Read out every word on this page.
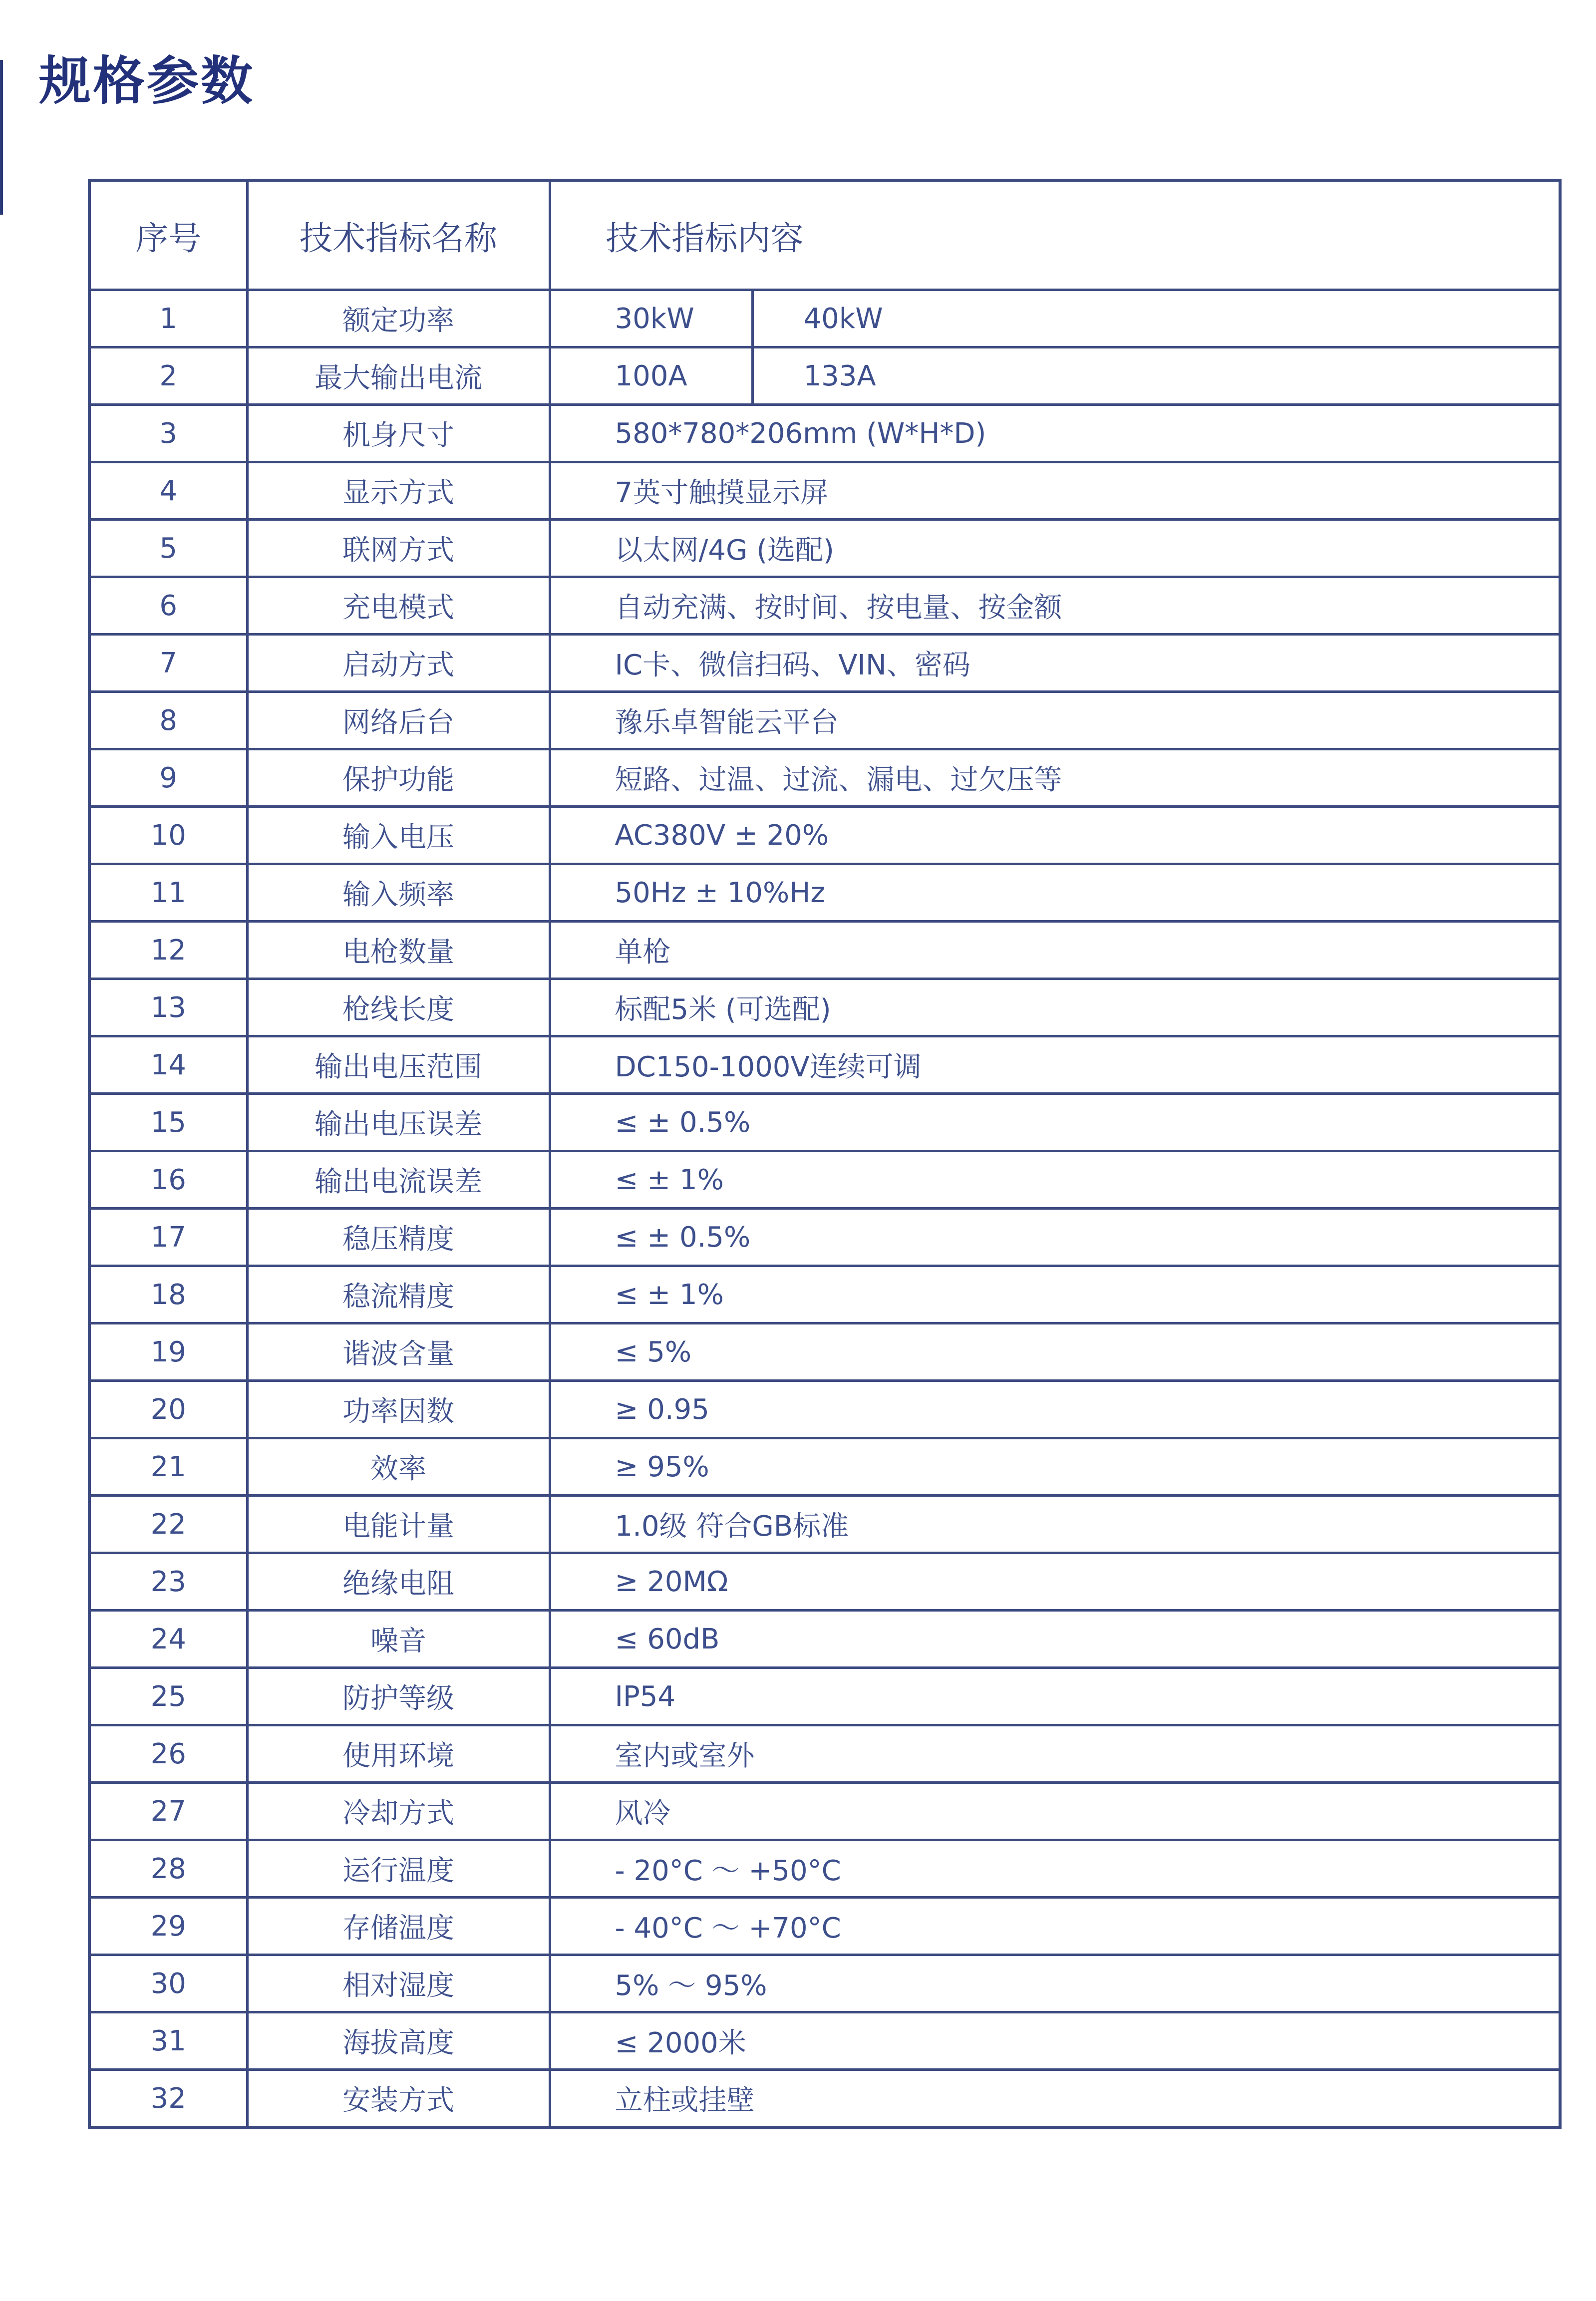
规格参数
序号	技术指标名称	技术指标内容	
1	额定功率	30kW	40kW
2	最大输出电流	100A	133A
3	机身尺寸	580*780*206mm (W*H*D)	
4	显示方式	7英寸触摸显示屏	
5	联网方式	以太网/4G (选配)	
6	充电模式	自动充满、按时间、按电量、按金额	
7	启动方式	IC卡、微信扫码、VIN、密码	
8	网络后台	豫乐卓智能云平台	
9	保护功能	短路、过温、过流、漏电、过欠压等	
10	输入电压	AC380V ± 20%	
11	输入频率	50Hz ± 10%Hz	
12	电枪数量	单枪	
13	枪线长度	标配5米 (可选配)	
14	输出电压范围	DC150-1000V连续可调	
15	输出电压误差	≤ ± 0.5%	
16	输出电流误差	≤ ± 1%	
17	稳压精度	≤ ± 0.5%	
18	稳流精度	≤ ± 1%	
19	谐波含量	≤ 5%	
20	功率因数	≥ 0.95	
21	效率	≥ 95%	
22	电能计量	1.0级 符合GB标准	
23	绝缘电阻	≥ 20MΩ	
24	噪音	≤ 60dB	
25	防护等级	IP54	
26	使用环境	室内或室外	
27	冷却方式	风冷	
28	运行温度	- 20°C ～ +50°C	
29	存储温度	- 40°C ～ +70°C	
30	相对湿度	5% ～ 95%	
31	海拔高度	≤ 2000米	
32	安装方式	立柱或挂壁	
